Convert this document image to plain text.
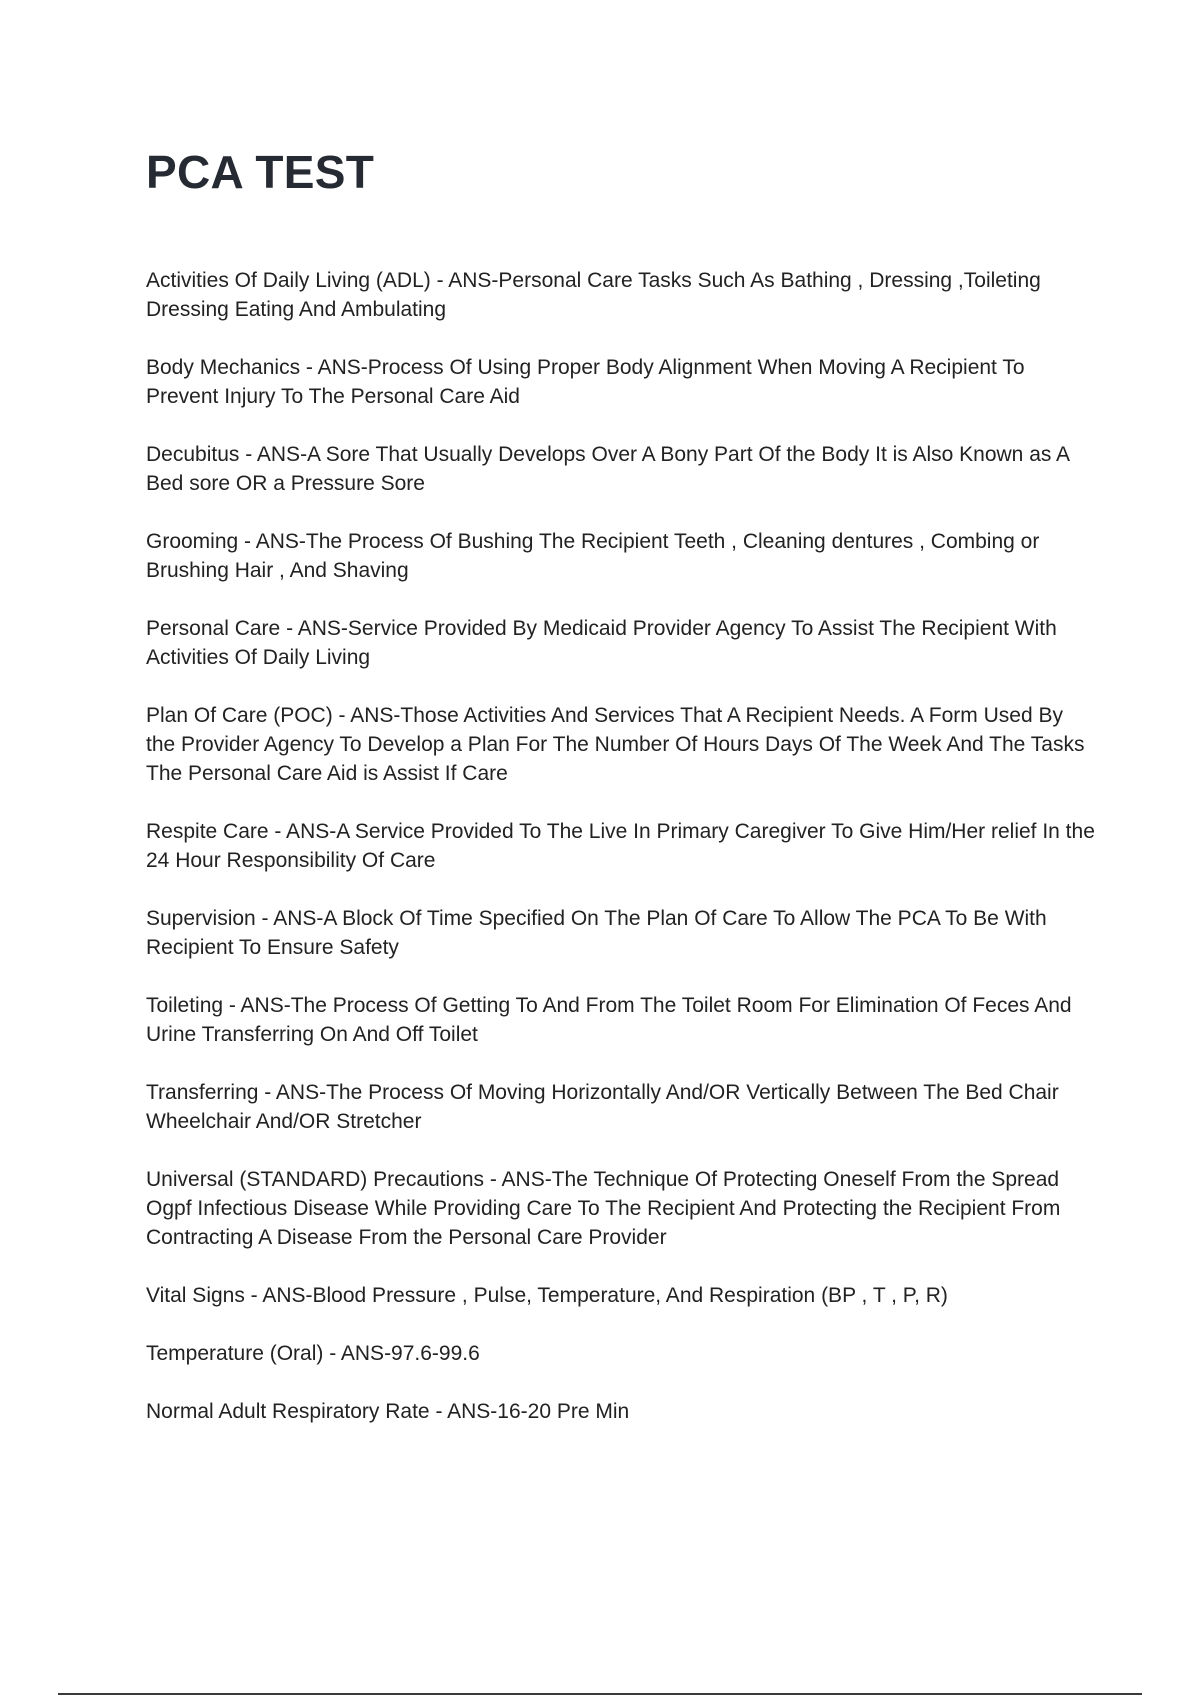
PCA TEST
Activities Of Daily Living (ADL) - ANS-Personal Care Tasks Such As Bathing , Dressing ,Toileting Dressing Eating And Ambulating
Body Mechanics - ANS-Process Of Using Proper Body Alignment When Moving A Recipient To Prevent Injury To The Personal Care Aid
Decubitus - ANS-A Sore That Usually Develops Over A Bony Part Of the Body It is Also Known as A Bed sore OR a Pressure Sore
Grooming - ANS-The Process Of Bushing The Recipient Teeth , Cleaning dentures , Combing or Brushing Hair , And Shaving
Personal Care - ANS-Service Provided By Medicaid Provider Agency To Assist The Recipient With Activities Of Daily Living
Plan Of Care (POC) - ANS-Those Activities And Services That A Recipient Needs. A Form Used By the Provider Agency To Develop a Plan For The Number Of Hours Days Of The Week And The Tasks The Personal Care Aid is Assist If Care
Respite Care - ANS-A Service Provided To The Live In Primary Caregiver To Give Him/Her relief In the 24 Hour Responsibility Of Care
Supervision - ANS-A Block Of Time Specified On The Plan Of Care To Allow The PCA To Be With Recipient To Ensure Safety
Toileting - ANS-The Process Of Getting To And From The Toilet Room For Elimination Of Feces And Urine Transferring On And Off Toilet
Transferring - ANS-The Process Of Moving Horizontally And/OR Vertically Between The Bed Chair Wheelchair And/OR Stretcher
Universal (STANDARD) Precautions - ANS-The Technique Of Protecting Oneself From the Spread Ogpf Infectious Disease While Providing Care To The Recipient And Protecting the Recipient From Contracting A Disease From the Personal Care Provider
Vital Signs - ANS-Blood Pressure , Pulse, Temperature, And Respiration (BP , T , P, R)
Temperature (Oral) - ANS-97.6-99.6
Normal Adult Respiratory Rate - ANS-16-20 Pre Min
